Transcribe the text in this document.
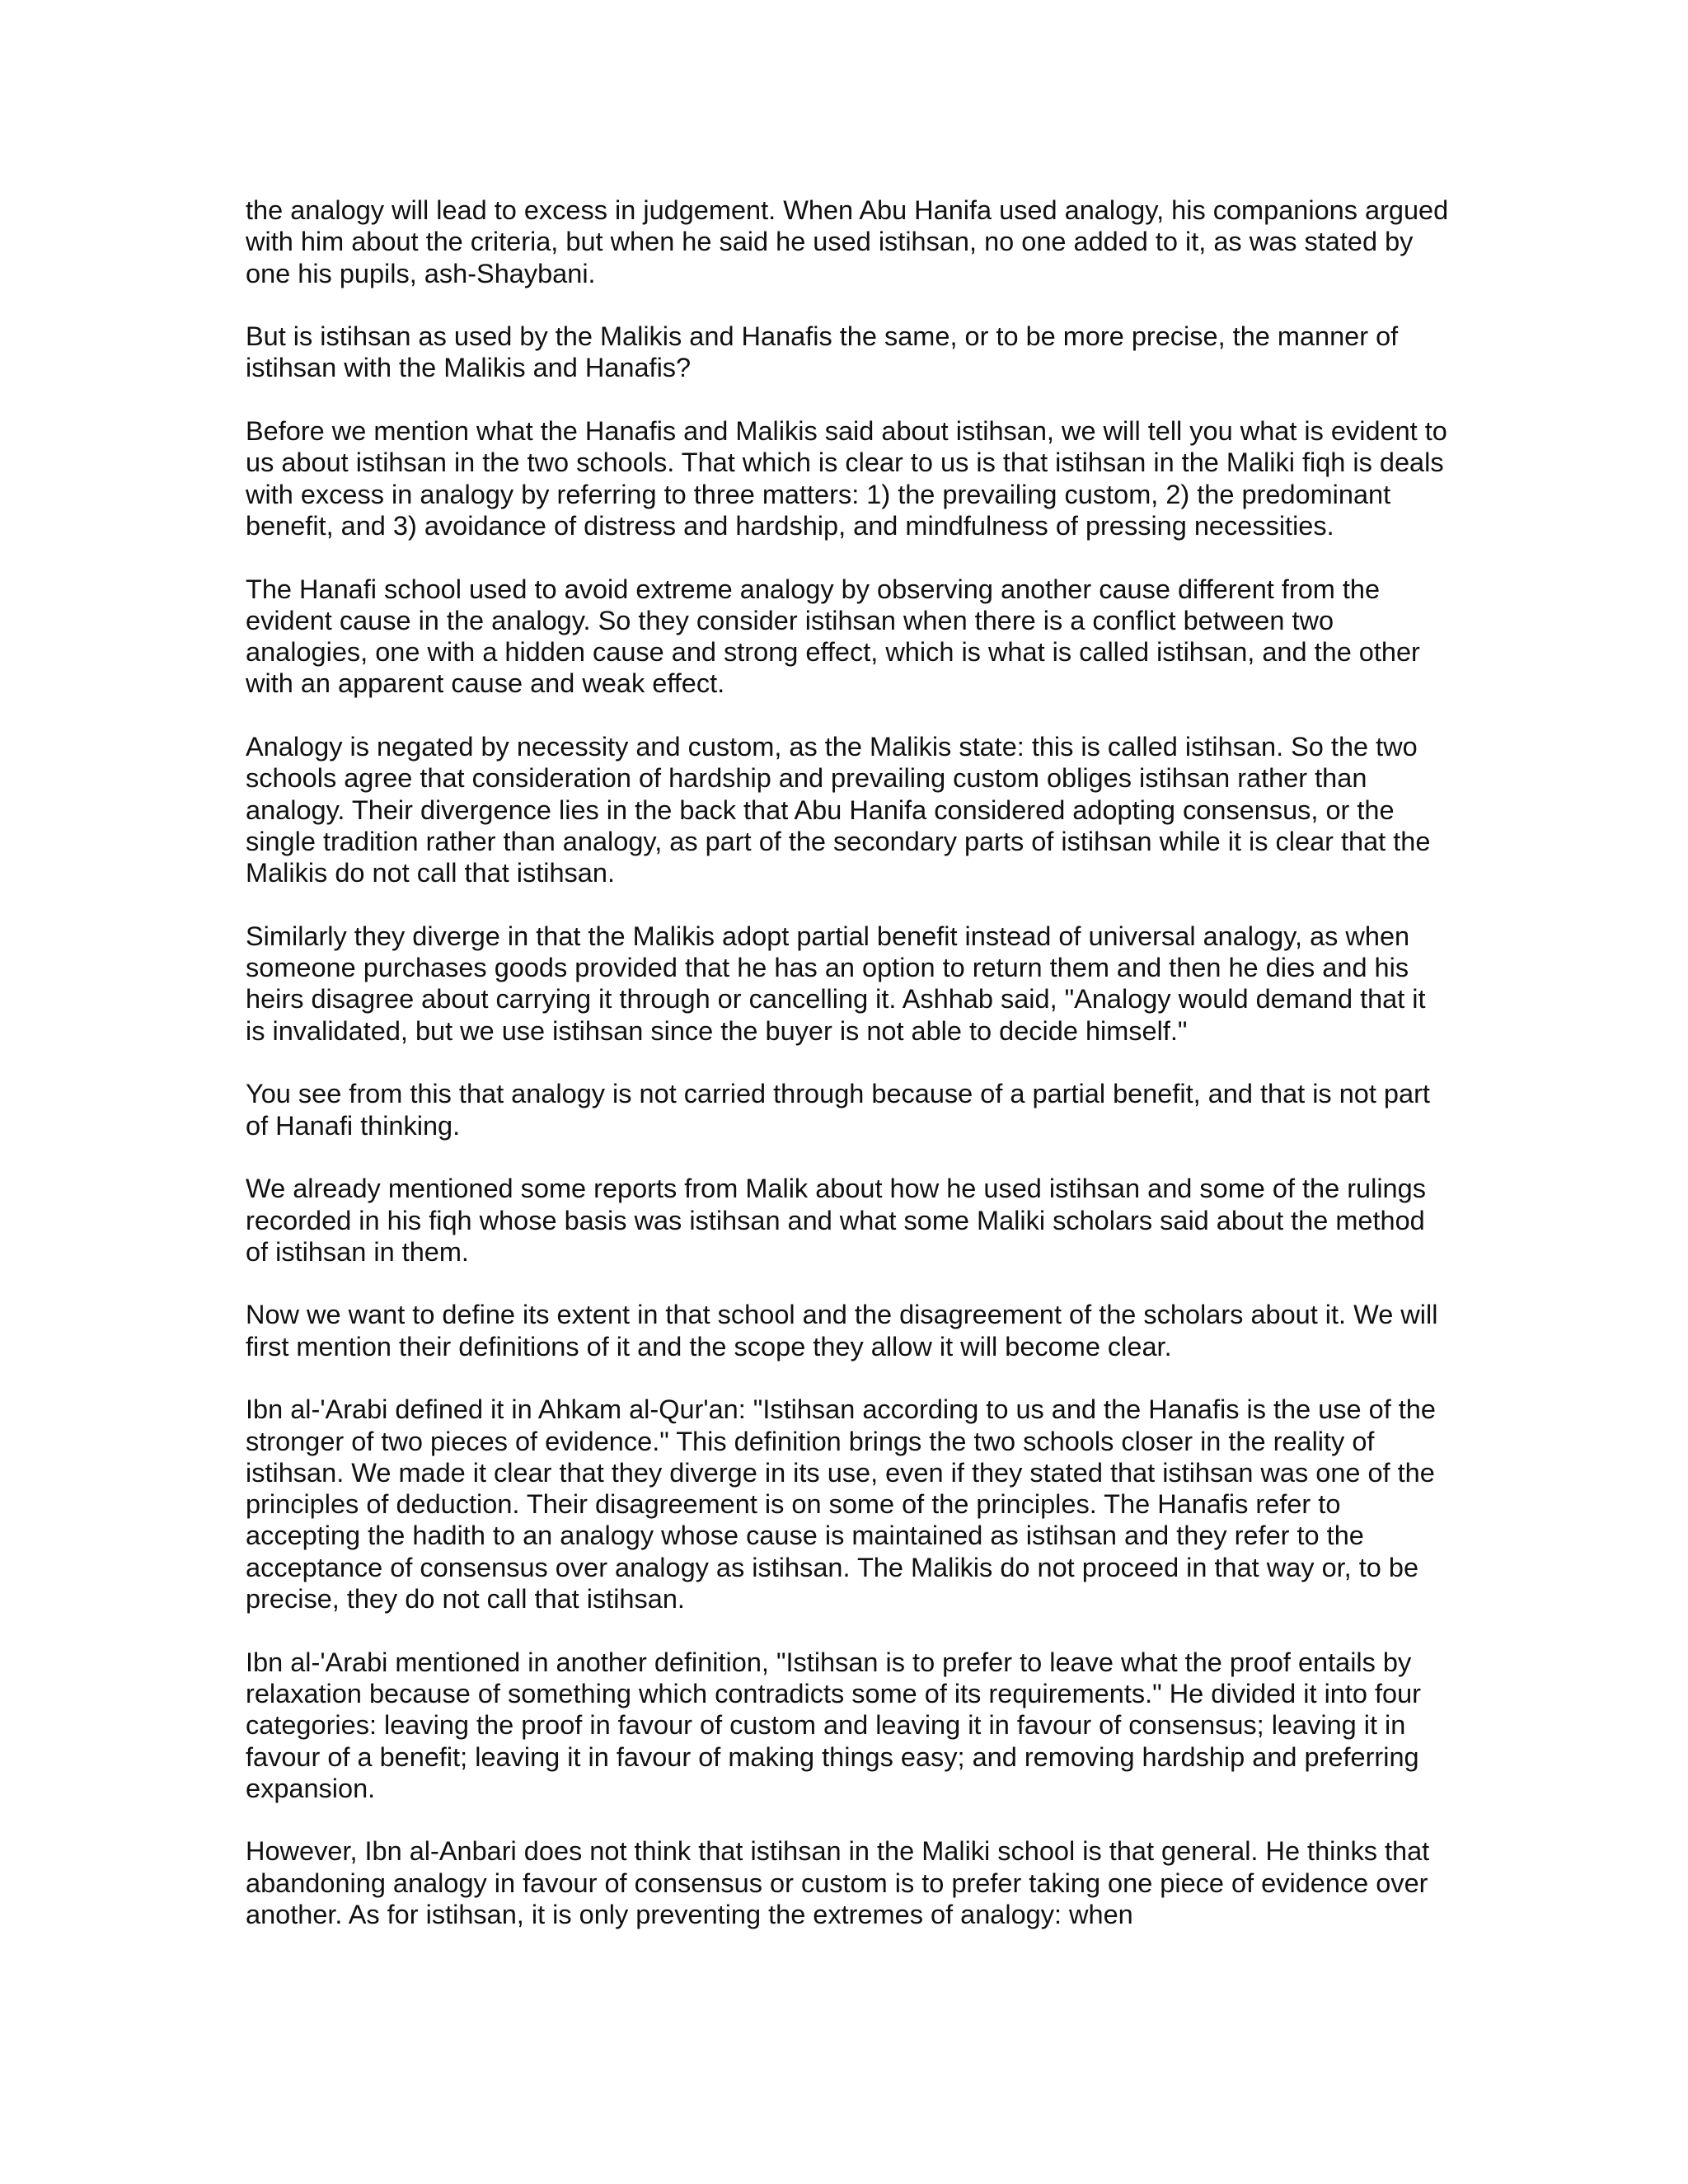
the analogy will lead to excess in judgement. When Abu Hanifa used analogy, his companions argued with him about the criteria, but when he said he used istihsan, no one added to it, as was stated by one his pupils, ash-Shaybani.

But is istihsan as used by the Malikis and Hanafis the same, or to be more precise, the manner of istihsan with the Malikis and Hanafis?

Before we mention what the Hanafis and Malikis said about istihsan, we will tell you what is evident to us about istihsan in the two schools. That which is clear to us is that istihsan in the Maliki fiqh is deals with excess in analogy by referring to three matters: 1) the prevailing custom, 2) the predominant benefit, and 3) avoidance of distress and hardship, and mindfulness of pressing necessities.

The Hanafi school used to avoid extreme analogy by observing another cause different from the evident cause in the analogy. So they consider istihsan when there is a conflict between two analogies, one with a hidden cause and strong effect, which is what is called istihsan, and the other with an apparent cause and weak effect.

Analogy is negated by necessity and custom, as the Malikis state: this is called istihsan. So the two schools agree that consideration of hardship and prevailing custom obliges istihsan rather than analogy. Their divergence lies in the back that Abu Hanifa considered adopting consensus, or the single tradition rather than analogy, as part of the secondary parts of istihsan while it is clear that the Malikis do not call that istihsan.

Similarly they diverge in that the Malikis adopt partial benefit instead of universal analogy, as when someone purchases goods provided that he has an option to return them and then he dies and his heirs disagree about carrying it through or cancelling it. Ashhab said, "Analogy would demand that it is invalidated, but we use istihsan since the buyer is not able to decide himself."

You see from this that analogy is not carried through because of a partial benefit, and that is not part of Hanafi thinking.

We already mentioned some reports from Malik about how he used istihsan and some of the rulings recorded in his fiqh whose basis was istihsan and what some Maliki scholars said about the method of istihsan in them.

Now we want to define its extent in that school and the disagreement of the scholars about it. We will first mention their definitions of it and the scope they allow it will become clear.

Ibn al-'Arabi defined it in Ahkam al-Qur'an: "Istihsan according to us and the Hanafis is the use of the stronger of two pieces of evidence." This definition brings the two schools closer in the reality of istihsan. We made it clear that they diverge in its use, even if they stated that istihsan was one of the principles of deduction. Their disagreement is on some of the principles. The Hanafis refer to accepting the hadith to an analogy whose cause is maintained as istihsan and they refer to the acceptance of consensus over analogy as istihsan. The Malikis do not proceed in that way or, to be precise, they do not call that istihsan.

Ibn al-'Arabi mentioned in another definition, "Istihsan is to prefer to leave what the proof entails by relaxation because of something which contradicts some of its requirements." He divided it into four categories: leaving the proof in favour of custom and leaving it in favour of consensus; leaving it in favour of a benefit; leaving it in favour of making things easy; and removing hardship and preferring expansion.

However, Ibn al-Anbari does not think that istihsan in the Maliki school is that general. He thinks that abandoning analogy in favour of consensus or custom is to prefer taking one piece of evidence over another. As for istihsan, it is only preventing the extremes of analogy: when
